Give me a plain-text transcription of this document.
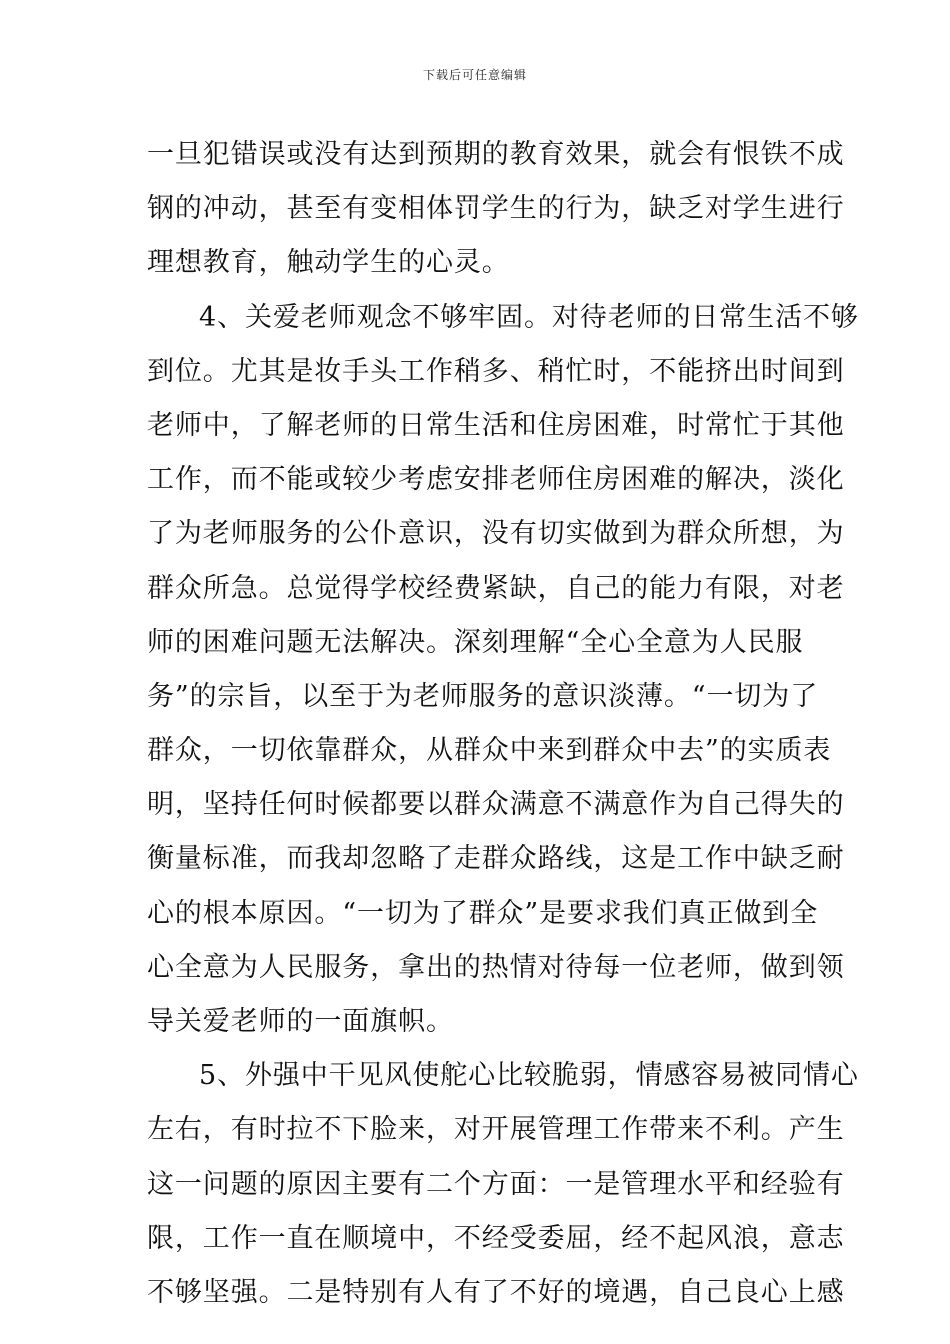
下载后可任意编辑
一旦犯错误或没有达到预期的教育效果，就会有恨铁不成
钢的冲动，甚至有变相体罚学生的行为，缺乏对学生进行
理想教育，触动学生的心灵。
4、关爱老师观念不够牢固。对待老师的日常生活不够
到位。尤其是妆手头工作稍多、稍忙时，不能挤出时间到
老师中，了解老师的日常生活和住房困难，时常忙于其他
工作，而不能或较少考虑安排老师住房困难的解决，淡化
了为老师服务的公仆意识，没有切实做到为群众所想，为
群众所急。总觉得学校经费紧缺，自己的能力有限，对老
师的困难问题无法解决。深刻理解“全心全意为人民服
务”的宗旨，以至于为老师服务的意识淡薄。“一切为了
群众，一切依靠群众，从群众中来到群众中去”的实质表
明，坚持任何时候都要以群众满意不满意作为自己得失的
衡量标准，而我却忽略了走群众路线，这是工作中缺乏耐
心的根本原因。“一切为了群众”是要求我们真正做到全
心全意为人民服务，拿出的热情对待每一位老师，做到领
导关爱老师的一面旗帜。
5、外强中干见风使舵心比较脆弱，情感容易被同情心
左右，有时拉不下脸来，对开展管理工作带来不利。产生
这一问题的原因主要有二个方面：一是管理水平和经验有
限，工作一直在顺境中，不经受委屈，经不起风浪，意志
不够坚强。二是特别有人有了不好的境遇，自己良心上感
